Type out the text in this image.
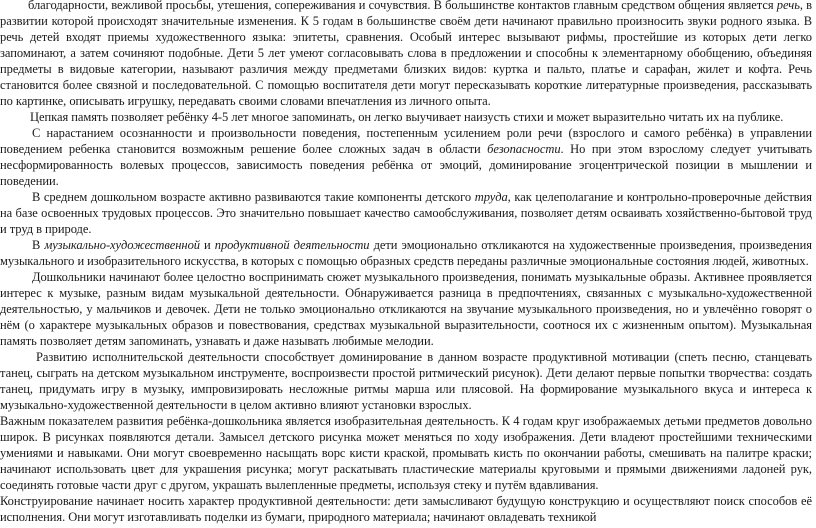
благодарности, вежливой просьбы, утешения, сопереживания и сочувствия. В большинстве контактов главным средством общения является речь, в развитии которой происходят значительные изменения. К 5 годам в большинстве своём дети начинают правильно произносить звуки родного языка. В речь детей входят приемы художественного языка: эпитеты, сравнения. Особый интерес вызывают рифмы, простейшие из которых дети легко запоминают, а затем сочиняют подобные. Дети 5 лет умеют согласовывать слова в предложении и способны к элементарному обобщению, объединяя предметы в видовые категории, называют различия между предметами близких видов: куртка и пальто, платье и сарафан, жилет и кофта. Речь становится более связной и последовательной. С помощью воспитателя дети могут пересказывать короткие литературные произведения, рассказывать по картинке, описывать игрушку, передавать своими словами впечатления из личного опыта.

Цепкая память позволяет ребёнку 4-5 лет многое запоминать, он легко выучивает наизусть стихи и может выразительно читать их на публике.

С нарастанием осознанности и произвольности поведения, постепенным усилением роли речи (взрослого и самого ребёнка) в управлении поведением ребенка становится возможным решение более сложных задач в области безопасности. Но при этом взрослому следует учитывать несформированность волевых процессов, зависимость поведения ребёнка от эмоций, доминирование эгоцентрической позиции в мышлении и поведении.

В среднем дошкольном возрасте активно развиваются такие компоненты детского труда, как целеполагание и контрольно-проверочные действия на базе освоенных трудовых процессов. Это значительно повышает качество самообслуживания, позволяет детям осваивать хозяйственно-бытовой труд и труд в природе.

В музыкально-художественной и продуктивной деятельности дети эмоционально откликаются на художественные произведения, произведения музыкального и изобразительного искусства, в которых с помощью образных средств переданы различные эмоциональные состояния людей, животных.

Дошкольники начинают более целостно воспринимать сюжет музыкального произведения, понимать музыкальные образы. Активнее проявляется интерес к музыке, разным видам музыкальной деятельности. Обнаруживается разница в предпочтениях, связанных с музыкально-художественной деятельностью, у мальчиков и девочек. Дети не только эмоционально откликаются на звучание музыкального произведения, но и увлечённо говорят о нём (о характере музыкальных образов и повествования, средствах музыкальной выразительности, соотнося их с жизненным опытом). Музыкальная память позволяет детям запоминать, узнавать и даже называть любимые мелодии.

Развитию исполнительской деятельности способствует доминирование в данном возрасте продуктивной мотивации (спеть песню, станцевать танец, сыграть на детском музыкальном инструменте, воспроизвести простой ритмический рисунок). Дети делают первые попытки творчества: создать танец, придумать игру в музыку, импровизировать несложные ритмы марша или плясовой. На формирование музыкального вкуса и интереса к музыкально-художественной деятельности в целом активно влияют установки взрослых.

Важным показателем развития ребёнка-дошкольника является изобразительная деятельность. К 4 годам круг изображаемых детьми предметов довольно широк. В рисунках появляются детали. Замысел детского рисунка может меняться по ходу изображения. Дети владеют простейшими техническими умениями и навыками. Они могут своевременно насыщать ворс кисти краской, промывать кисть по окончании работы, смешивать на палитре краски; начинают использовать цвет для украшения рисунка; могут раскатывать пластические материалы круговыми и прямыми движениями ладоней рук, соединять готовые части друг с другом, украшать вылепленные предметы, используя стеку и путём вдавливания.

Конструирование начинает носить характер продуктивной деятельности: дети замысливают будущую конструкцию и осуществляют поиск способов её исполнения. Они могут изготавливать поделки из бумаги, природного материала; начинают овладевать техникой
